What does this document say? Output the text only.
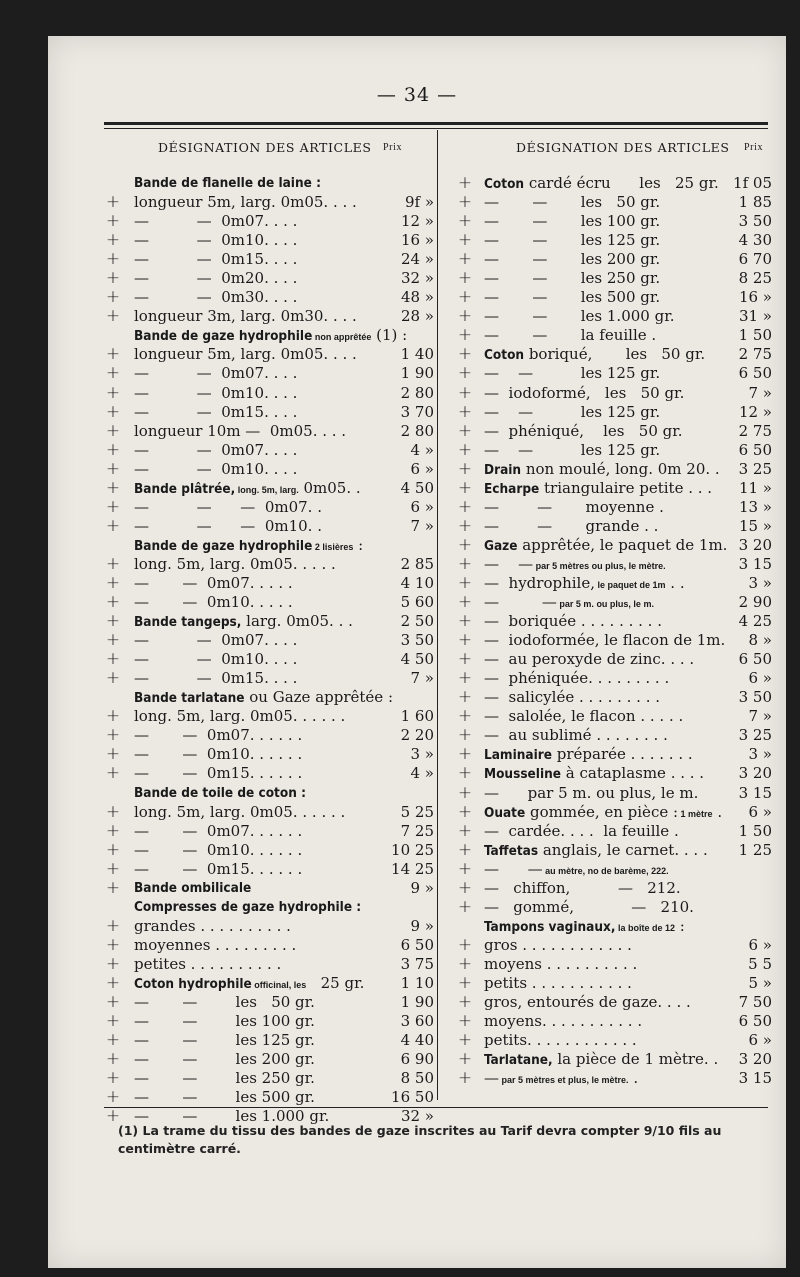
— 34 —
DÉSIGNATION DES ARTICLES Prix	DÉSIGNATION DES ARTICLES Prix
Bande de flanelle de laine :
+ longueur 5m, larg. 0m05. . . .	9f »
+ —          —  0m07. . . .	12 »
+ —          —  0m10. . . .	16 »
+ —          —  0m15. . . .	24 »
+ —          —  0m20. . . .	32 »
+ —          —  0m30. . . .	48 »
+ longueur 3m, larg. 0m30. . . .	28 »
Bande de gaze hydrophile non apprêtée (1) :
+ longueur 5m, larg. 0m05. . . .	1 40
+ —          —  0m07. . . .	1 90
+ —          —  0m10. . . .	2 80
+ —          —  0m15. . . .	3 70
+ longueur 10m —  0m05. . . .	2 80
+ —          —  0m07. . . .	4 »
+ —          —  0m10. . . .	6 »
+ Bande plâtrée, long. 5m, larg. 0m05. .	4 50
+ —          —      —  0m07. .	6 »
+ —          —      —  0m10. .	7 »
Bande de gaze hydrophile 2 lisières :
+ long. 5m, larg. 0m05. . . . .	2 85
+ —       —  0m07. . . . .	4 10
+ —       —  0m10. . . . .	5 60
+ Bande tangeps, larg. 0m05. . .	2 50
+ —          —  0m07. . . .	3 50
+ —          —  0m10. . . .	4 50
+ —          —  0m15. . . .	7 »
Bande tarlatane ou Gaze apprêtée :
+ long. 5m, larg. 0m05. . . . . .	1 60
+ —       —  0m07. . . . . .	2 20
+ —       —  0m10. . . . . .	3 »
+ —       —  0m15. . . . . .	4 »
Bande de toile de coton :
+ long. 5m, larg. 0m05. . . . . .	5 25
+ —       —  0m07. . . . . .	7 25
+ —       —  0m10. . . . . .	10 25
+ —       —  0m15. . . . . .	14 25
+ Bande ombilicale	9 »
Compresses de gaze hydrophile :
+ grandes . . . . . . . . . .	9 »
+ moyennes . . . . . . . . .	6 50
+ petites . . . . . . . . . .	3 75
+ Coton hydrophile officinal, les   25 gr. 1 10
+ —       —        les   50 gr.	1 90
+ —       —        les 100 gr.	3 60
+ —       —        les 125 gr.	4 40
+ —       —        les 200 gr.	6 90
+ —       —        les 250 gr.	8 50
+ —       —        les 500 gr.	16 50
+ —       —        les 1.000 gr.	32 »
+ Coton cardé écru      les   25 gr. 1f 05
+ —       —       les   50 gr.	1 85
+ —       —       les 100 gr.	3 50
+ —       —       les 125 gr.	4 30
+ —       —       les 200 gr.	6 70
+ —       —       les 250 gr.	8 25
+ —       —       les 500 gr.	16 »
+ —       —       les 1.000 gr.	31 »
+ —       —       la feuille .	1 50
+ Coton boriqué,       les   50 gr. 2 75
+ —    —          les 125 gr.	6 50
+ —  iodoformé,   les   50 gr.	7 »
+ —    —          les 125 gr.	12 »
+ —  phéniqué,    les   50 gr.	2 75
+ —    —          les 125 gr.	6 50
+ Drain non moulé, long. 0m 20. . 3 25
+ Echarpe triangulaire petite . . . 11 »
+ —        —       moyenne .	13 »
+ —        —       grande . .	15 »
+ Gaze apprêtée, le paquet de 1m. 3 20
+ —    — par 5 mètres ou plus, le mètre.	3 15
+ —  hydrophile, le paquet de 1m . .	3 »
+ —         — par 5 m. ou plus, le m.	2 90
+ —  boriquée . . . . . . . . .	4 25
+ —  iodoformée, le flacon de 1m. 8 »
+ —  au peroxyde de zinc. . . .	6 50
+ —  phéniquée. . . . . . . . .	6 »
+ —  salicylée . . . . . . . . .	3 50
+ —  salolée, le flacon . . . . .	7 »
+ —  au sublimé . . . . . . . .	3 25
+ Laminaire préparée . . . . . . .	3 »
+ Mousseline à cataplasme . . . . 3 20
+ —      par 5 m. ou plus, le m.	3 15
+ Ouate gommée, en pièce : 1 mètre . 6 »
+ —  cardée. . . .  la feuille .	1 50
+ Taffetas anglais, le carnet. . . . 1 25
+ —      — au mètre, no de barème, 222.
+ —   chiffon,          —   212.
+ —   gommé,            —   210.
Tampons vaginaux, la boîte de 12 :
+ gros . . . . . . . . . . . .	6 »
+ moyens . . . . . . . . . .	5 5
+ petits . . . . . . . . . . .	5 »
+ gros, entourés de gaze. . . .	7 50
+ moyens. . . . . . . . . . .	6 50
+ petits. . . . . . . . . . . .	6 »
+ Tarlatane, la pièce de 1 mètre. . 3 20
+ — par 5 mètres et plus, le mètre. .	3 15
(1) La trame du tissu des bandes de gaze inscrites au Tarif devra compter 9/10 fils au centimètre carré.
